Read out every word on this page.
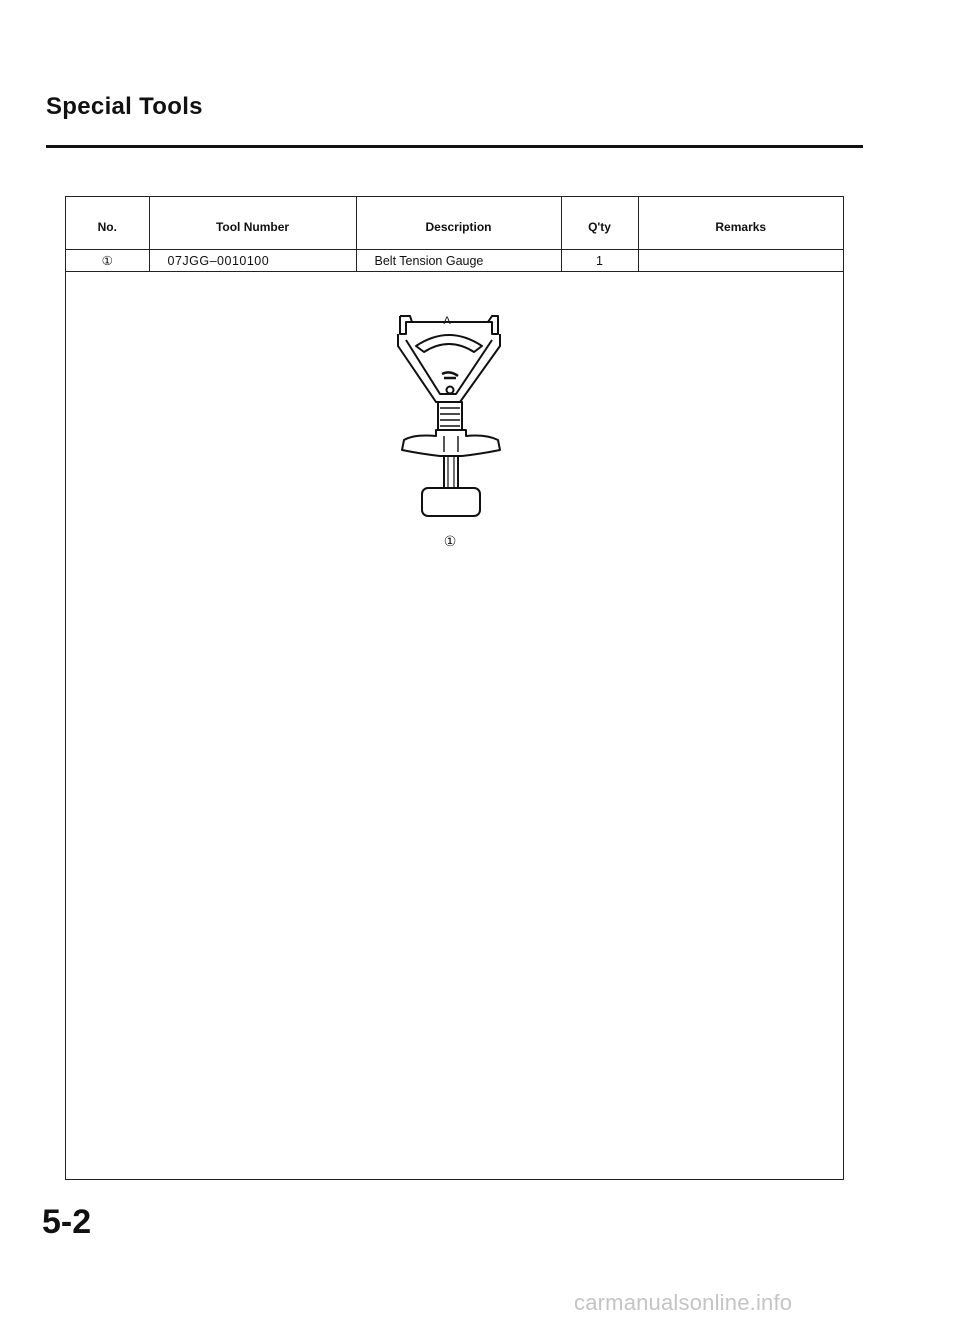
Special Tools
No.	Tool Number	Description	Q'ty	Remarks
①	07JGG–0010100	Belt Tension Gauge	1	
A
①
5-2
carmanualsonline.info
